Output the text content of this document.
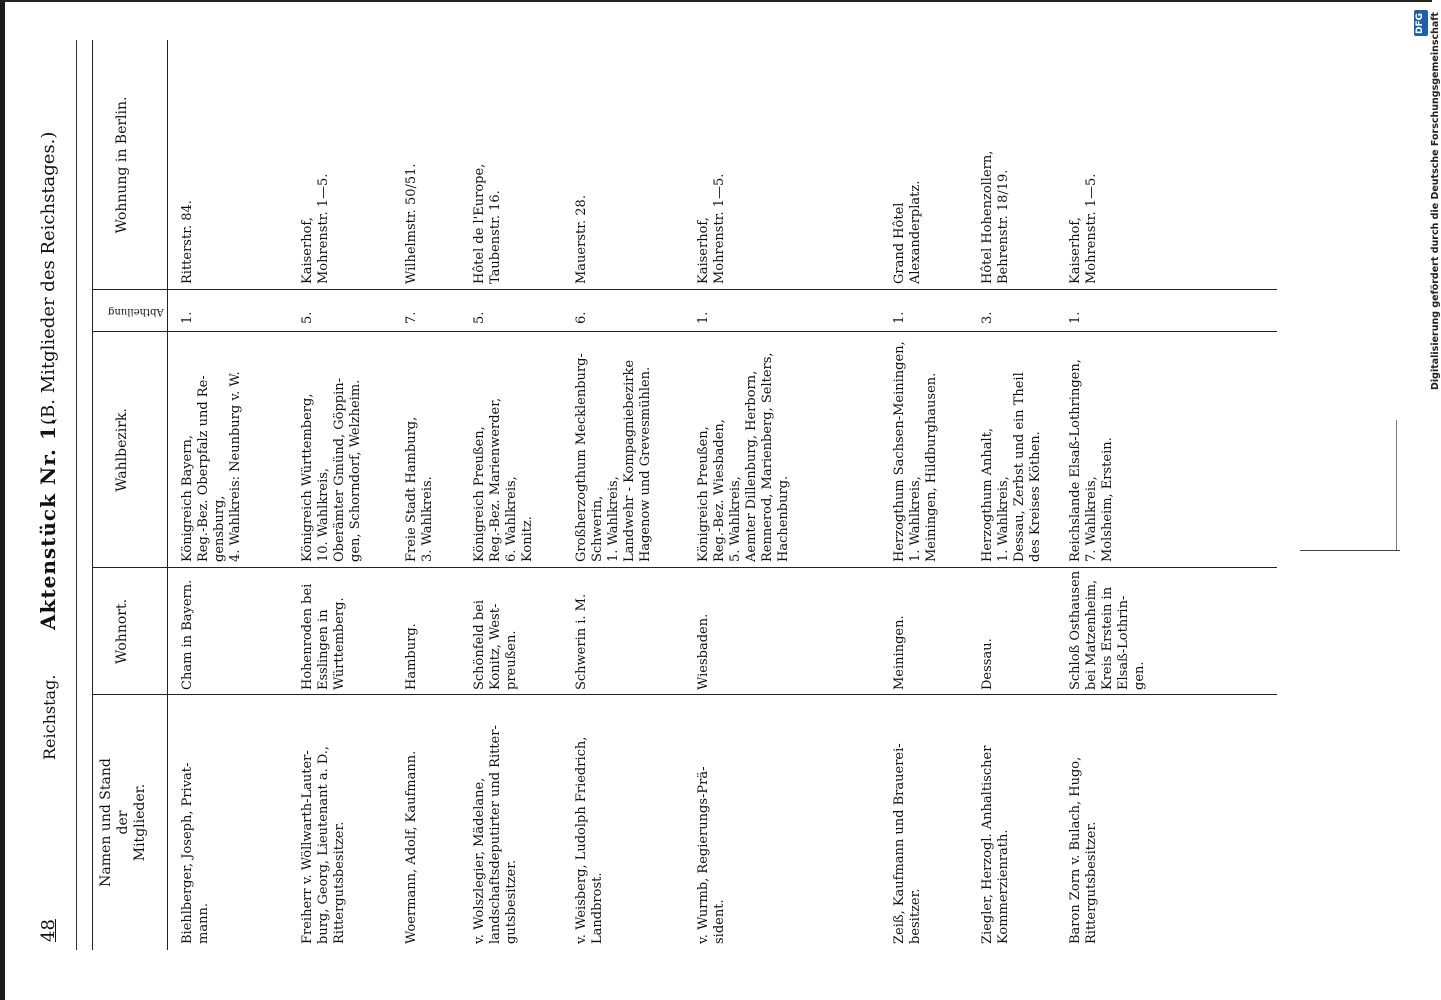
48
Reichstag.
Aktenstück Nr. 1.
(B. Mitglieder des Reichstages.)
Namen und Stand
der
Mitglieder.
Wohnort.
Wahlbezirk.

Abtheilung

Wohnung in Berlin.
Biehlberger, Joseph, Privat-
mann.
Cham in Bayern.
Königreich Bayern,
Reg.-Bez. Oberpfalz und Re-
gensburg,
4. Wahlkreis: Neunburg v. W.
1.
Ritterstr. 84.
Freiherr v. Wöllwarth-Lauter-
burg, Georg, Lieutenant a. D.,
Rittergutsbesitzer.
Hohenroden bei
Esslingen in
Württemberg.
Königreich Württemberg,
10. Wahlkreis,
Oberämter Gmünd, Göppin-
gen, Schorndorf, Welzheim.
5.
Kaiserhof,
Mohrenstr. 1—5.
Woermann, Adolf, Kaufmann.
Hamburg.
Freie Stadt Hamburg,
3. Wahlkreis.
7.
Wilhelmstr. 50/51.
v. Wolszlegier, Mädelane,
landschaftsdeputirter und Ritter-
gutsbesitzer.
Schönfeld bei
Konitz, West-
preußen.
Königreich Preußen,
Reg.-Bez. Marienwerder,
6. Wahlkreis,
Konitz.
5.
Hôtel de l'Europe,
Taubenstr. 16.
v. Weisberg, Ludolph Friedrich,
Landbrost.
Schwerin i. M.
Großherzogthum Mecklenburg-
Schwerin,
1. Wahlkreis,
Landwehr - Kompagniebezirke
Hagenow und Grevesmühlen.
6.
Mauerstr. 28.
v. Wurmb, Regierungs-Prä-
sident.
Wiesbaden.
Königreich Preußen,
Reg.-Bez. Wiesbaden,
5. Wahlkreis,
Aemter Dillenburg, Herborn,
Rennerod, Marienberg, Selters,
Hachenburg.
1.
Kaiserhof,
Mohrenstr. 1—5.
Zeiß, Kaufmann und Brauerei-
besitzer.
Meiningen.
Herzogthum Sachsen-Meiningen,
1. Wahlkreis,
Meiningen, Hildburghausen.
1.
Grand Hôtel
Alexanderplatz.
Ziegler, Herzogl. Anhaltischer
Kommerzienrath.
Dessau.
Herzogthum Anhalt,
1. Wahlkreis,
Dessau, Zerbst und ein Theil
des Kreises Köthen.
3.
Hôtel Hohenzollern,
Behrenstr. 18/19.
Baron Zorn v. Bulach, Hugo,
Rittergutsbesitzer.
Schloß Osthausen
bei Matzenheim,
Kreis Erstein in
Elsaß-Lothrin-
gen.
Reichslande Elsaß-Lothringen,
7. Wahlkreis,
Molsheim, Erstein.
1.
Kaiserhof,
Mohrenstr. 1—5.
DFG Digitalisierung gefördert durch die Deutsche Forschungsgemeinschaft
